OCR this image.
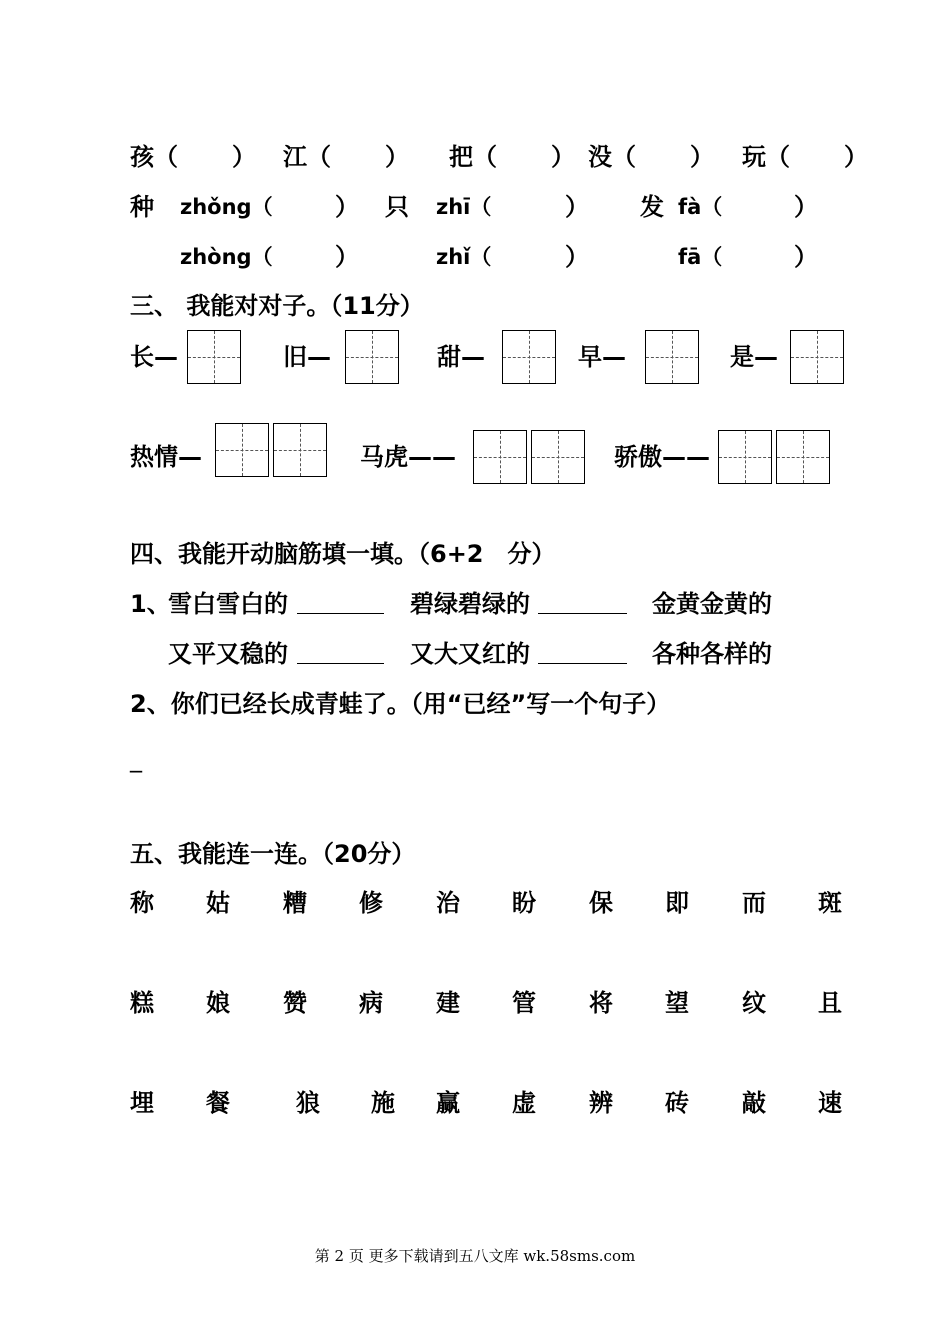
孩（ ） 江（ ） 把（ ） 没（ ） 玩（ ）
种 zhǒng（	） 只 zhī（	） 发 fà（	）
zhòng（	）	zhǐ（	）	fā（	）
三、 我能对对子。（11分）
长—	旧—	甜—	早—	是—
热情—	马虎——	骄傲——
四、我能开动脑筋填一填。（6+2　分）
1、
雪白雪白的	碧绿碧绿的	金黄金黄的
又平又稳的	又大又红的	各种各样的
2、你们已经长成青蛙了。（用“已经”写一个句子）
_
五、我能连一连。（20分）
称 姑 糟 修 治 盼 保 即 而 斑
糕 娘 赞 病 建 管 将 望 纹 且
埋 餐	狼 施 赢 虚 辨 砖 敲 速
第 2 页 更多下载请到五八文库 wk.58sms.com
